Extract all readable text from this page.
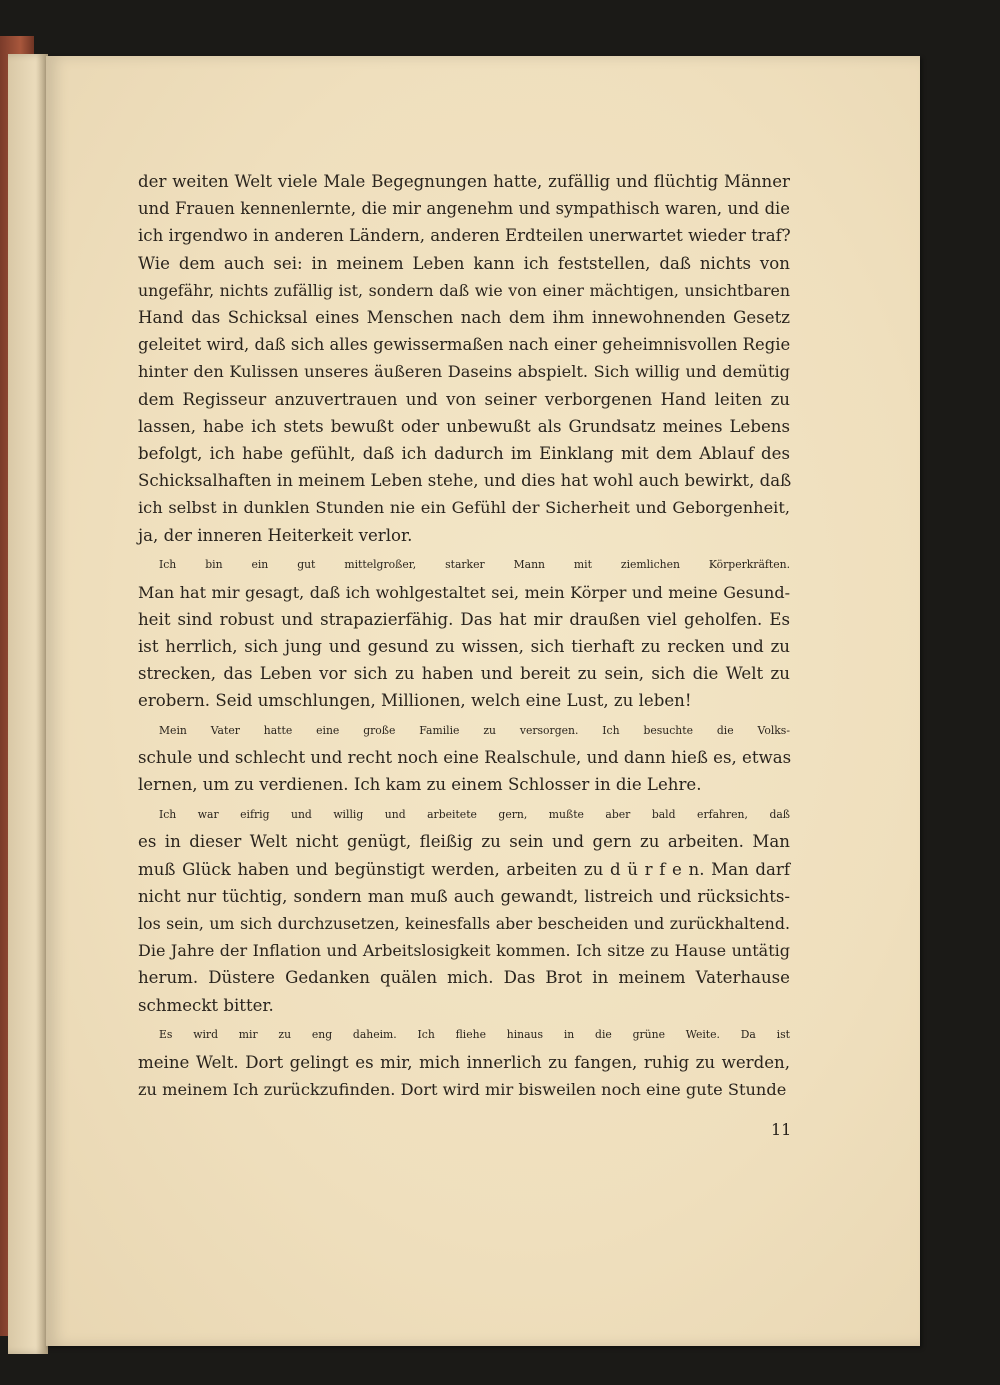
der weiten Welt viele Male Begegnungen hatte, zufällig und flüchtig Männer
und Frauen kennenlernte, die mir angenehm und sympathisch waren, und die
ich irgendwo in anderen Ländern, anderen Erdteilen unerwartet wieder traf?
Wie dem auch sei: in meinem Leben kann ich feststellen, daß nichts von
ungefähr, nichts zufällig ist, sondern daß wie von einer mächtigen, unsichtbaren
Hand das Schicksal eines Menschen nach dem ihm innewohnenden Gesetz
geleitet wird, daß sich alles gewissermaßen nach einer geheimnisvollen Regie
hinter den Kulissen unseres äußeren Daseins abspielt. Sich willig und demütig
dem Regisseur anzuvertrauen und von seiner verborgenen Hand leiten zu
lassen, habe ich stets bewußt oder unbewußt als Grundsatz meines Lebens
befolgt, ich habe gefühlt, daß ich dadurch im Einklang mit dem Ablauf des
Schicksalhaften in meinem Leben stehe, und dies hat wohl auch bewirkt, daß
ich selbst in dunklen Stunden nie ein Gefühl der Sicherheit und Geborgenheit,
ja, der inneren Heiterkeit verlor.
Ich bin ein gut mittelgroßer, starker Mann mit ziemlichen Körperkräften.
Man hat mir gesagt, daß ich wohlgestaltet sei, mein Körper und meine Gesund-
heit sind robust und strapazierfähig. Das hat mir draußen viel geholfen. Es
ist herrlich, sich jung und gesund zu wissen, sich tierhaft zu recken und zu
strecken, das Leben vor sich zu haben und bereit zu sein, sich die Welt zu
erobern. Seid umschlungen, Millionen, welch eine Lust, zu leben!
Mein Vater hatte eine große Familie zu versorgen. Ich besuchte die Volks-
schule und schlecht und recht noch eine Realschule, und dann hieß es, etwas
lernen, um zu verdienen. Ich kam zu einem Schlosser in die Lehre.
Ich war eifrig und willig und arbeitete gern, mußte aber bald erfahren, daß
es in dieser Welt nicht genügt, fleißig zu sein und gern zu arbeiten. Man
muß Glück haben und begünstigt werden, arbeiten zu d ü r f e n. Man darf
nicht nur tüchtig, sondern man muß auch gewandt, listreich und rücksichts-
los sein, um sich durchzusetzen, keinesfalls aber bescheiden und zurückhaltend.
Die Jahre der Inflation und Arbeitslosigkeit kommen. Ich sitze zu Hause untätig
herum. Düstere Gedanken quälen mich. Das Brot in meinem Vaterhause
schmeckt bitter.
Es wird mir zu eng daheim. Ich fliehe hinaus in die grüne Weite. Da ist
meine Welt. Dort gelingt es mir, mich innerlich zu fangen, ruhig zu werden,
zu meinem Ich zurückzufinden. Dort wird mir bisweilen noch eine gute Stunde
11
